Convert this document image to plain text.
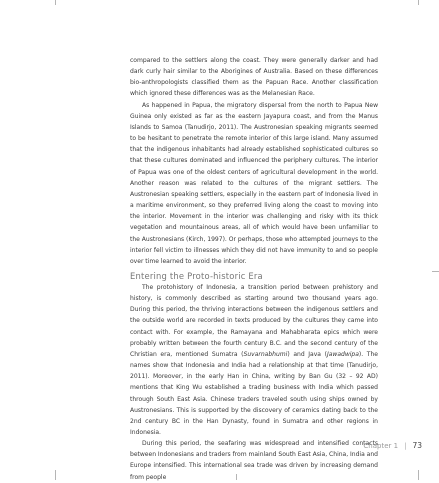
compared to the settlers along the coast. They were generally darker and had dark curly hair similar to the Aborigines of Australia. Based on these differences bio-anthropologists classified them as the Papuan Race. Another classification which ignored these differences was as the Melanesian Race.

As happened in Papua, the migratory dispersal from the north to Papua New Guinea only existed as far as the eastern Jayapura coast, and from the Manus Islands to Samoa (Tanudirjo, 2011). The Austronesian speaking migrants seemed to be hesitant to penetrate the remote interior of this large island. Many assumed that the indigenous inhabitants had already established sophisticated cultures so that these cultures dominated and influenced the periphery cultures. The interior of Papua was one of the oldest centers of agricultural development in the world. Another reason was related to the cultures of the migrant settlers. The Austronesian speaking settlers, especially in the eastern part of Indonesia lived in a maritime environment, so they preferred living along the coast to moving into the interior. Movement in the interior was challenging and risky with its thick vegetation and mountainous areas, all of which would have been unfamiliar to the Austronesians (Kirch, 1997). Or perhaps, those who attempted journeys to the interior fell victim to illnesses which they did not have immunity to and so people over time learned to avoid the interior.

Entering the Proto-historic Era

The protohistory of Indonesia, a transition period between prehistory and history, is commonly described as starting around two thousand years ago. During this period, the thriving interactions between the indigenous settlers and the outside world are recorded in texts produced by the cultures they came into contact with. For example, the Ramayana and Mahabharata epics which were probably written between the fourth century B.C. and the second century of the Christian era, mentioned Sumatra (Suvarnabhumi) and Java (Jawadwipa). The names show that Indonesia and India had a relationship at that time (Tanudirjo, 2011). Moreover, in the early Han in China, writing by Ban Gu (32 – 92 AD) mentions that King Wu established a trading business with India which passed through South East Asia. Chinese traders traveled south using ships owned by Austronesians. This is supported by the discovery of ceramics dating back to the 2nd century BC in the Han Dynasty, found in Sumatra and other regions in Indonesia.

During this period, the seafaring was widespread and intensified contacts between Indonesians and traders from mainland South East Asia, China, India and Europe intensified. This international sea trade was driven by increasing demand from people

Chapter 1 | 73
